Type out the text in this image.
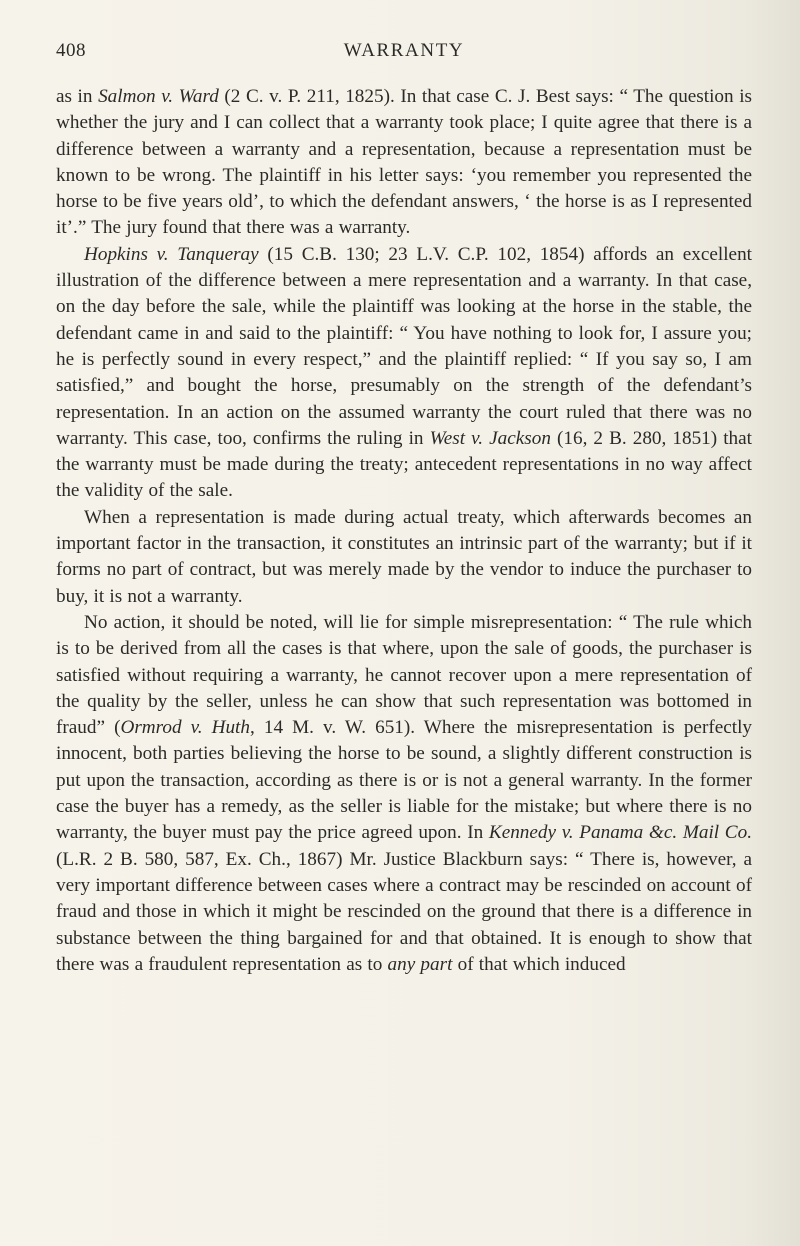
408	WARRANTY

as in Salmon v. Ward (2 C. v. P. 211, 1825). In that case C. J. Best says: “ The question is whether the jury and I can collect that a warranty took place; I quite agree that there is a difference between a warranty and a representation, because a representation must be known to be wrong. The plaintiff in his letter says: ‘you remember you represented the horse to be five years old’, to which the defendant answers, ‘ the horse is as I represented it’.” The jury found that there was a warranty.

Hopkins v. Tanqueray (15 C.B. 130; 23 L.V. C.P. 102, 1854) affords an excellent illustration of the difference between a mere representation and a warranty. In that case, on the day before the sale, while the plaintiff was looking at the horse in the stable, the defendant came in and said to the plaintiff: “ You have nothing to look for, I assure you; he is perfectly sound in every respect,” and the plaintiff replied: “ If you say so, I am satisfied,” and bought the horse, presumably on the strength of the defendant’s representation. In an action on the assumed warranty the court ruled that there was no warranty. This case, too, confirms the ruling in West v. Jackson (16, 2 B. 280, 1851) that the warranty must be made during the treaty; antecedent representations in no way affect the validity of the sale.

When a representation is made during actual treaty, which afterwards becomes an important factor in the transaction, it constitutes an intrinsic part of the warranty; but if it forms no part of contract, but was merely made by the vendor to induce the purchaser to buy, it is not a warranty.

No action, it should be noted, will lie for simple misrepresentation: “ The rule which is to be derived from all the cases is that where, upon the sale of goods, the purchaser is satisfied without requiring a warranty, he cannot recover upon a mere representation of the quality by the seller, unless he can show that such representation was bottomed in fraud” (Ormrod v. Huth, 14 M. v. W. 651). Where the misrepresentation is perfectly innocent, both parties believing the horse to be sound, a slightly different construction is put upon the transaction, according as there is or is not a general warranty. In the former case the buyer has a remedy, as the seller is liable for the mistake; but where there is no warranty, the buyer must pay the price agreed upon. In Kennedy v. Panama &c. Mail Co. (L.R. 2 B. 580, 587, Ex. Ch., 1867) Mr. Justice Blackburn says: “ There is, however, a very important difference between cases where a contract may be rescinded on account of fraud and those in which it might be rescinded on the ground that there is a difference in substance between the thing bargained for and that obtained. It is enough to show that there was a fraudulent representation as to any part of that which induced
